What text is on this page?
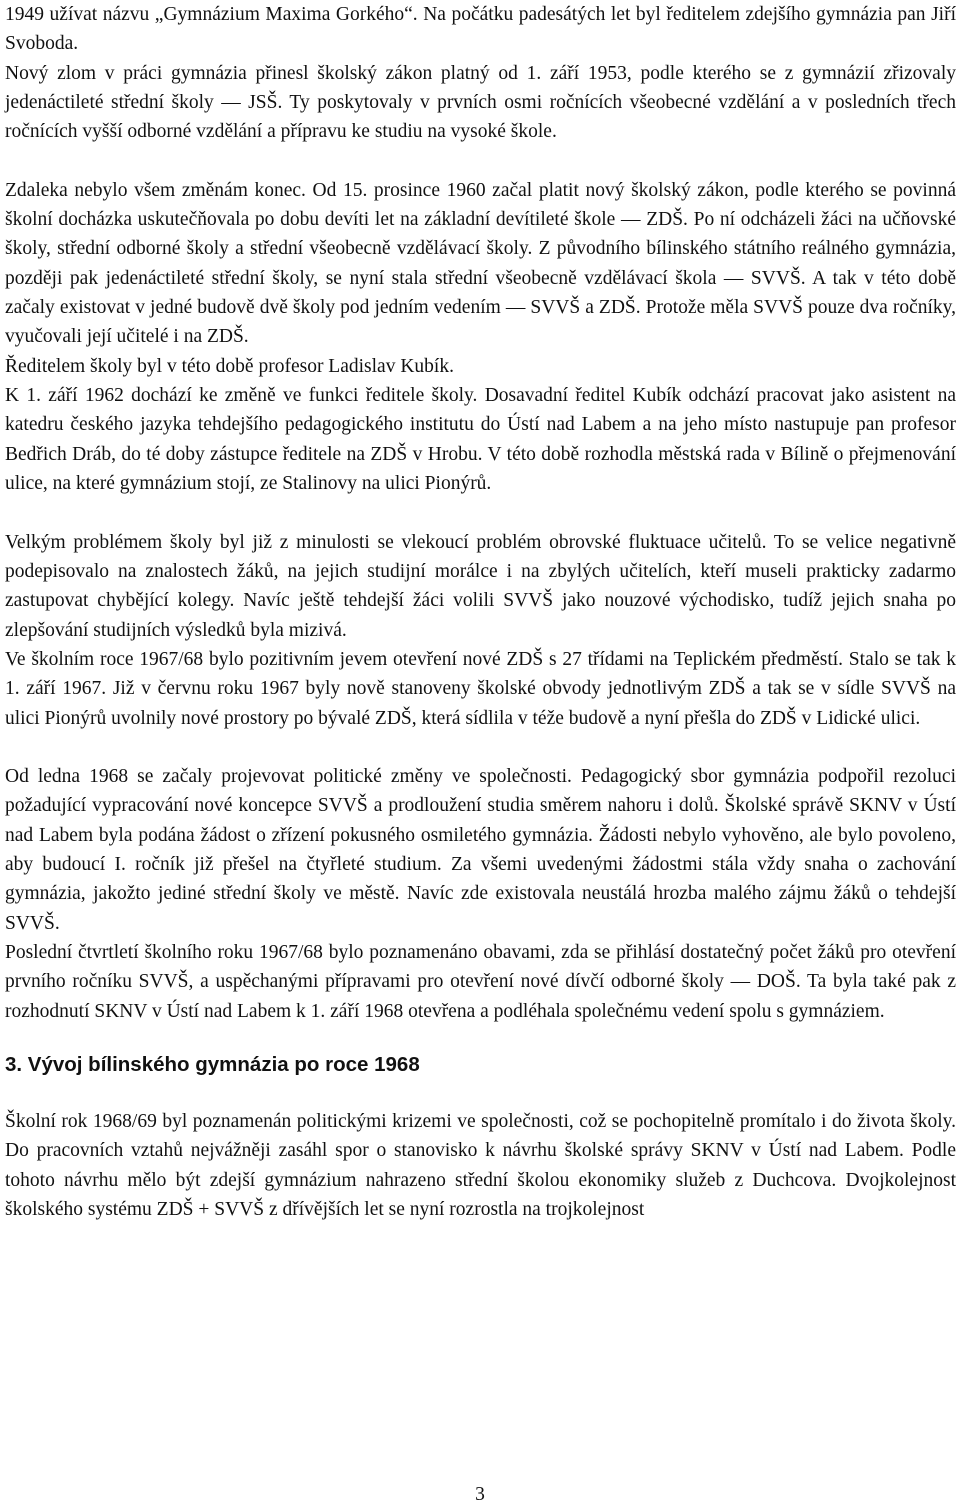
1949 užívat názvu „Gymnázium Maxima Gorkého“. Na počátku padesátých let byl ředitelem zdejšího gymnázia pan Jiří Svoboda.

Nový zlom v práci gymnázia přinesl školský zákon platný od 1. září 1953, podle kterého se z gymnázií zřizovaly jedenáctileté střední školy — JSŠ. Ty poskytovaly v prvních osmi ročnících všeobecné vzdělání a v posledních třech ročnících vyšší odborné vzdělání a přípravu ke studiu na vysoké škole.

Zdaleka nebylo všem změnám konec. Od 15. prosince 1960 začal platit nový školský zákon, podle kterého se povinná školní docházka uskutečňovala po dobu devíti let na základní devítileté škole — ZDŠ. Po ní odcházeli žáci na učňovské školy, střední odborné školy a střední všeobecně vzdělávací školy. Z původního bílinského státního reálného gymnázia, později pak jedenáctileté střední školy, se nyní stala střední všeobecně vzdělávací škola — SVVŠ. A tak v této době začaly existovat v jedné budově dvě školy pod jedním vedením — SVVŠ a ZDŠ. Protože měla SVVŠ pouze dva ročníky, vyučovali její učitelé i na ZDŠ.

Ředitelem školy byl v této době profesor Ladislav Kubík.

K 1. září 1962 dochází ke změně ve funkci ředitele školy. Dosavadní ředitel Kubík odchází pracovat jako asistent na katedru českého jazyka tehdejšího pedagogického institutu do Ústí nad Labem a na jeho místo nastupuje pan profesor Bedřich Dráb, do té doby zástupce ředitele na ZDŠ v Hrobu. V této době rozhodla městská rada v Bílině o přejmenování ulice, na které gymnázium stojí, ze Stalinovy na ulici Pionýrů.

Velkým problémem školy byl již z minulosti se vlekoucí problém obrovské fluktuace učitelů. To se velice negativně podepisovalo na znalostech žáků, na jejich studijní morálce i na zbylých učitelích, kteří museli prakticky zadarmo zastupovat chybějící kolegy. Navíc ještě tehdejší žáci volili SVVŠ jako nouzové východisko, tudíž jejich snaha po zlepšování studijních výsledků byla mizivá.

Ve školním roce 1967/68 bylo pozitivním jevem otevření nové ZDŠ s 27 třídami na Teplickém předměstí. Stalo se tak k 1. září 1967. Již v červnu roku 1967 byly nově stanoveny školské obvody jednotlivým ZDŠ a tak se v sídle SVVŠ na ulici Pionýrů uvolnily nové prostory po bývalé ZDŠ, která sídlila v téže budově a nyní přešla do ZDŠ v Lidické ulici.

Od ledna 1968 se začaly projevovat politické změny ve společnosti. Pedagogický sbor gymnázia podpořil rezoluci požadující vypracování nové koncepce SVVŠ a prodloužení studia směrem nahoru i dolů. Školské správě SKNV v Ústí nad Labem byla podána žádost o zřízení pokusného osmiletého gymnázia. Žádosti nebylo vyhověno, ale bylo povoleno, aby budoucí I. ročník již přešel na čtyřleté studium. Za všemi uvedenými žádostmi stála vždy snaha o zachování gymnázia, jakožto jediné střední školy ve městě. Navíc zde existovala neustálá hrozba malého zájmu žáků o tehdejší SVVŠ.

Poslední čtvrtletí školního roku 1967/68 bylo poznamenáno obavami, zda se přihlásí dostatečný počet žáků pro otevření prvního ročníku SVVŠ, a uspěchanými přípravami pro otevření nové dívčí odborné školy — DOŠ. Ta byla také pak z rozhodnutí SKNV v Ústí nad Labem k 1. září 1968 otevřena a podléhala společnému vedení spolu s gymnáziem.

3. Vývoj bílinského gymnázia po roce 1968

Školní rok 1968/69 byl poznamenán politickými krizemi ve společnosti, což se pochopitelně promítalo i do života školy. Do pracovních vztahů nejvážněji zasáhl spor o stanovisko k návrhu školské správy SKNV v Ústí nad Labem. Podle tohoto návrhu mělo být zdejší gymnázium nahrazeno střední školou ekonomiky služeb z Duchcova. Dvojkolejnost školského systému ZDŠ + SVVŠ z dřívějších let se nyní rozrostla na trojkolejnost

3
